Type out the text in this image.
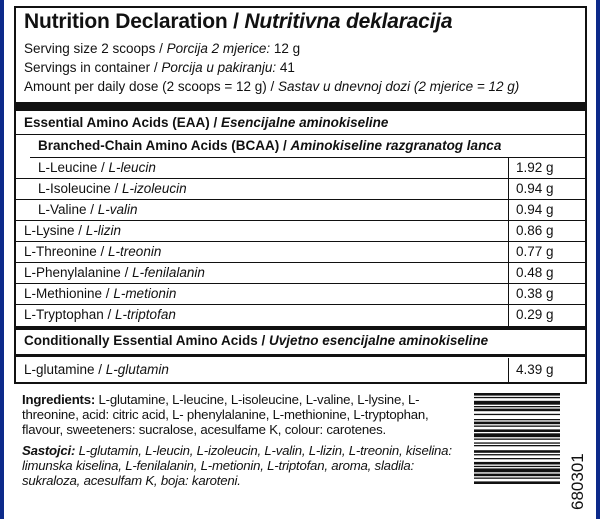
Nutrition Declaration / Nutritivna deklaracija
Serving size 2 scoops / Porcija 2 mjerice: 12 g
Servings in container / Porcija u pakiranju: 41
Amount per daily dose (2 scoops = 12 g) / Sastav u dnevnoj dozi (2 mjerice = 12 g)
Essential Amino Acids (EAA) / Esencijalne aminokiseline
Branched-Chain Amino Acids (BCAA) / Aminokiseline razgranatog lanca
L-Leucine / L-leucin	1.92 g
L-Isoleucine / L-izoleucin	0.94 g
L-Valine / L-valin	0.94 g
L-Lysine / L-lizin	0.86 g
L-Threonine / L-treonin	0.77 g
L-Phenylalanine / L-fenilalanin	0.48 g
L-Methionine / L-metionin	0.38 g
L-Tryptophan / L-triptofan	0.29 g
Conditionally Essential Amino Acids / Uvjetno esencijalne aminokiseline
L-glutamine / L-glutamin	4.39 g

Ingredients: L-glutamine, L-leucine, L-isoleucine, L-valine, L-lysine, L-threonine, acid: citric acid, L- phenylalanine, L-methionine, L-tryptophan, flavour, sweeteners: sucralose, acesulfame K, colour: carotenes.

Sastojci: L-glutamin, L-leucin, L-izoleucin, L-valin, L-lizin, L-treonin, kiselina: limunska kiselina, L-fenilalanin, L-metionin, L-triptofan, aroma, sladila: sukraloza, acesulfam K, boja: karoteni.	680301
